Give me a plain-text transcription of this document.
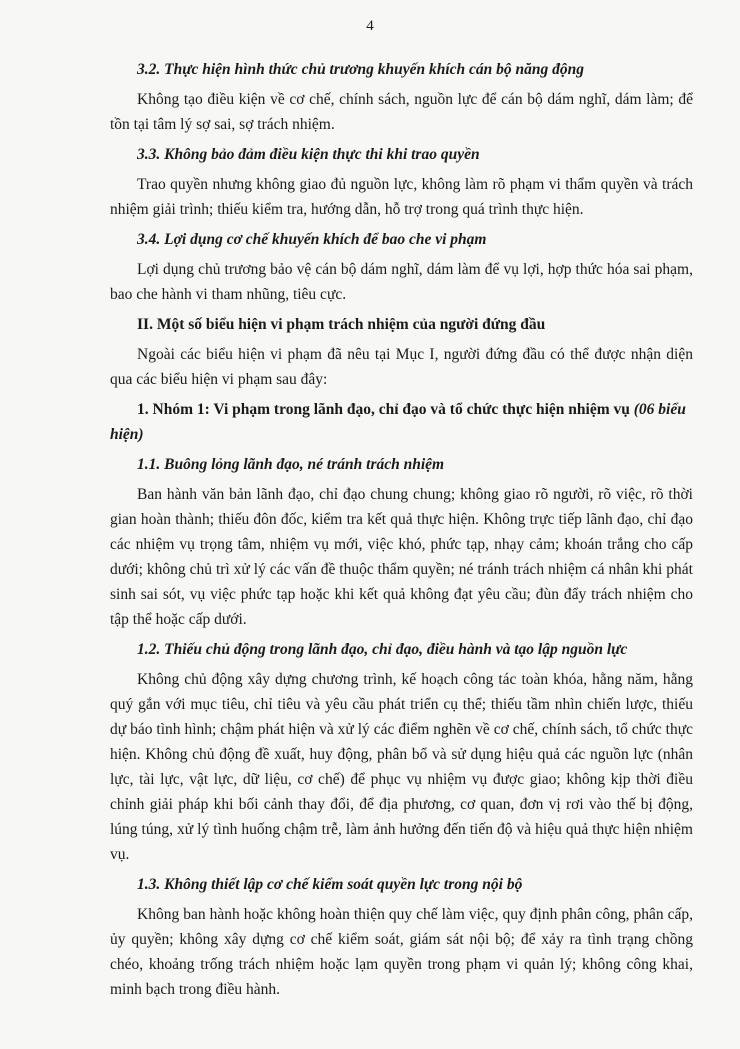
4

3.2. Thực hiện hình thức chủ trương khuyến khích cán bộ năng động

Không tạo điều kiện về cơ chế, chính sách, nguồn lực để cán bộ dám nghĩ, dám làm; để tồn tại tâm lý sợ sai, sợ trách nhiệm.

3.3. Không bảo đảm điều kiện thực thi khi trao quyền

Trao quyền nhưng không giao đủ nguồn lực, không làm rõ phạm vi thẩm quyền và trách nhiệm giải trình; thiếu kiểm tra, hướng dẫn, hỗ trợ trong quá trình thực hiện.

3.4. Lợi dụng cơ chế khuyến khích để bao che vi phạm

Lợi dụng chủ trương bảo vệ cán bộ dám nghĩ, dám làm để vụ lợi, hợp thức hóa sai phạm, bao che hành vi tham nhũng, tiêu cực.

II. Một số biểu hiện vi phạm trách nhiệm của người đứng đầu

Ngoài các biểu hiện vi phạm đã nêu tại Mục I, người đứng đầu có thể được nhận diện qua các biểu hiện vi phạm sau đây:

1. Nhóm 1: Vi phạm trong lãnh đạo, chỉ đạo và tổ chức thực hiện nhiệm vụ (06 biểu hiện)

1.1. Buông lỏng lãnh đạo, né tránh trách nhiệm

Ban hành văn bản lãnh đạo, chỉ đạo chung chung; không giao rõ người, rõ việc, rõ thời gian hoàn thành; thiếu đôn đốc, kiểm tra kết quả thực hiện. Không trực tiếp lãnh đạo, chỉ đạo các nhiệm vụ trọng tâm, nhiệm vụ mới, việc khó, phức tạp, nhạy cảm; khoán trắng cho cấp dưới; không chủ trì xử lý các vấn đề thuộc thẩm quyền; né tránh trách nhiệm cá nhân khi phát sinh sai sót, vụ việc phức tạp hoặc khi kết quả không đạt yêu cầu; đùn đẩy trách nhiệm cho tập thể hoặc cấp dưới.

1.2. Thiếu chủ động trong lãnh đạo, chỉ đạo, điều hành và tạo lập nguồn lực

Không chủ động xây dựng chương trình, kế hoạch công tác toàn khóa, hằng năm, hằng quý gắn với mục tiêu, chỉ tiêu và yêu cầu phát triển cụ thể; thiếu tầm nhìn chiến lược, thiếu dự báo tình hình; chậm phát hiện và xử lý các điểm nghẽn về cơ chế, chính sách, tổ chức thực hiện. Không chủ động đề xuất, huy động, phân bổ và sử dụng hiệu quả các nguồn lực (nhân lực, tài lực, vật lực, dữ liệu, cơ chế) để phục vụ nhiệm vụ được giao; không kịp thời điều chỉnh giải pháp khi bối cảnh thay đổi, để địa phương, cơ quan, đơn vị rơi vào thế bị động, lúng túng, xử lý tình huống chậm trễ, làm ảnh hưởng đến tiến độ và hiệu quả thực hiện nhiệm vụ.

1.3. Không thiết lập cơ chế kiểm soát quyền lực trong nội bộ

Không ban hành hoặc không hoàn thiện quy chế làm việc, quy định phân công, phân cấp, ủy quyền; không xây dựng cơ chế kiểm soát, giám sát nội bộ; để xảy ra tình trạng chồng chéo, khoảng trống trách nhiệm hoặc lạm quyền trong phạm vi quản lý; không công khai, minh bạch trong điều hành.
